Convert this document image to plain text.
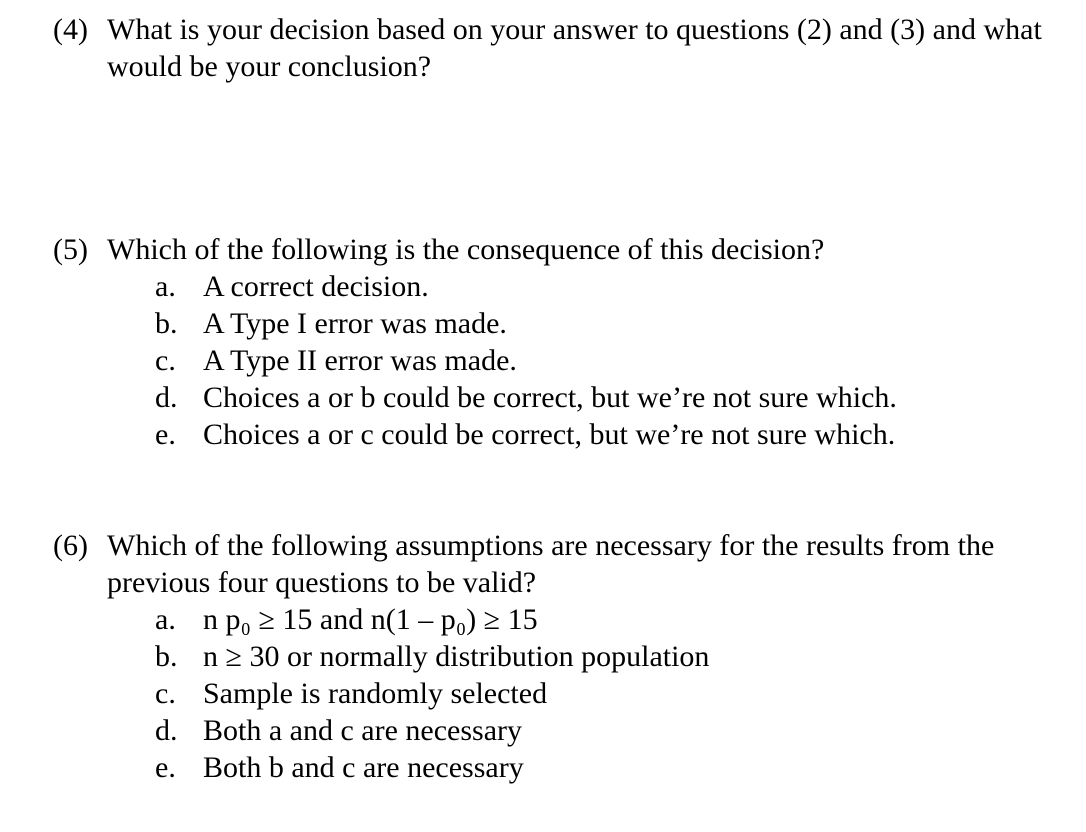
(4) What is your decision based on your answer to questions (2) and (3) and what would be your conclusion?
(5) Which of the following is the consequence of this decision?
a. A correct decision.
b. A Type I error was made.
c. A Type II error was made.
d. Choices a or b could be correct, but we’re not sure which.
e. Choices a or c could be correct, but we’re not sure which.
(6) Which of the following assumptions are necessary for the results from the previous four questions to be valid?
a. n p₀ ≥ 15 and n(1 – p₀) ≥ 15
b. n ≥ 30 or normally distribution population
c. Sample is randomly selected
d. Both a and c are necessary
e. Both b and c are necessary
